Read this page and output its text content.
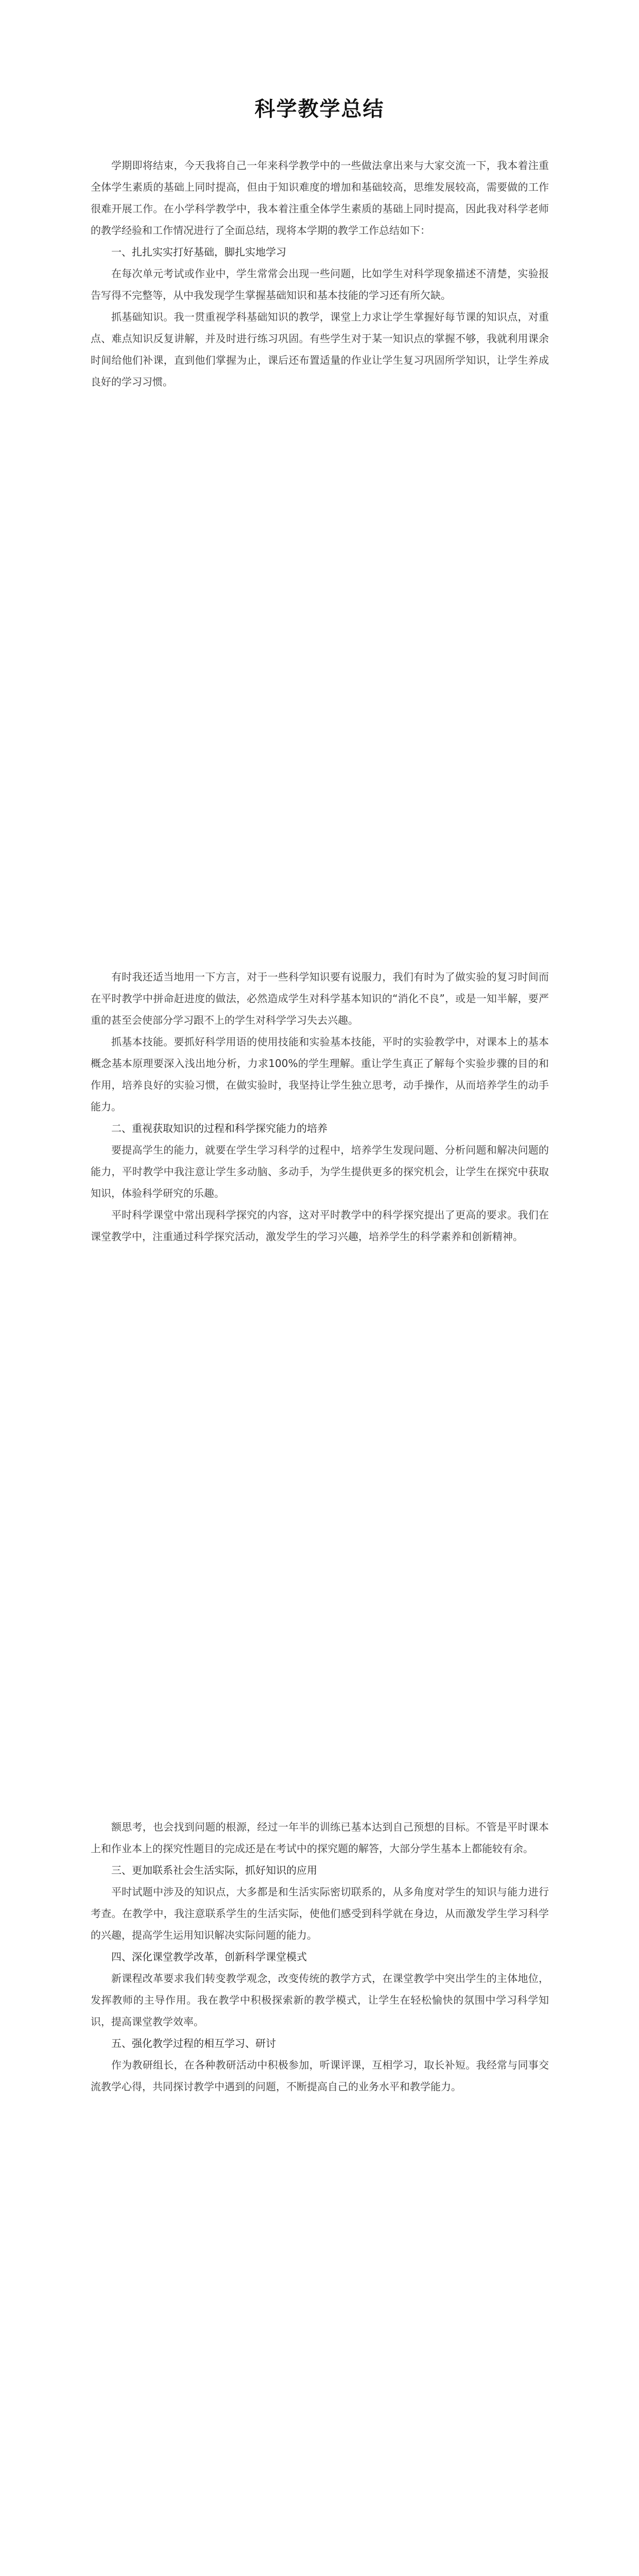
科学教学总结

学期即将结束，今天我将自己一年来科学教学中的一些做法拿出来与大家交流一下，我本着注重全体学生素质的基础上同时提高，但由于知识难度的增加和基础较高，思维发展较高，需要做的工作很难开展工作。在小学科学教学中，我本着注重全体学生素质的基础上同时提高，因此我对科学老师的教学经验和工作情况进行了全面总结，现将本学期的教学工作总结如下：

一、扎扎实实打好基础，脚扎实地学习

在每次单元考试或作业中，学生常常会出现一些问题，比如学生对科学现象描述不清楚，实验报告写得不完整等，从中我发现学生掌握基础知识和基本技能的学习还有所欠缺。

抓基础知识。我一贯重视学科基础知识的教学，课堂上力求让学生掌握好每节课的知识点，对重点、难点知识反复讲解，并及时进行练习巩固。有些学生对于某一知识点的掌握不够，我就利用课余时间给他们补课，直到他们掌握为止，课后还布置适量的作业让学生复习巩固所学知识，让学生养成良好的学习习惯。

有时我还适当地用一下方言，对于一些科学知识要有说服力，我们有时为了做实验的复习时间而在平时教学中拼命赶进度的做法，必然造成学生对科学基本知识的“消化不良”，或是一知半解，要严重的甚至会使部分学习跟不上的学生对科学学习失去兴趣。

抓基本技能。要抓好科学用语的使用技能和实验基本技能，平时的实验教学中，对课本上的基本概念基本原理要深入浅出地分析，力求100%的学生理解。重让学生真正了解每个实验步骤的目的和作用，培养良好的实验习惯，在做实验时，我坚持让学生独立思考，动手操作，从而培养学生的动手能力。

二、重视获取知识的过程和科学探究能力的培养

要提高学生的能力，就要在学生学习科学的过程中，培养学生发现问题、分析问题和解决问题的能力，平时教学中我注意让学生多动脑、多动手，为学生提供更多的探究机会，让学生在探究中获取知识，体验科学研究的乐趣。

平时科学课堂中常出现科学探究的内容，这对平时教学中的科学探究提出了更高的要求。我们在课堂教学中，注重通过科学探究活动，激发学生的学习兴趣，培养学生的科学素养和创新精神。

额思考，也会找到问题的根源，经过一年半的训练已基本达到自己预想的目标。不管是平时课本上和作业本上的探究性题目的完成还是在考试中的探究题的解答，大部分学生基本上都能较有余。

三、更加联系社会生活实际，抓好知识的应用

平时试题中涉及的知识点，大多都是和生活实际密切联系的，从多角度对学生的知识与能力进行考查。在教学中，我注意联系学生的生活实际，使他们感受到科学就在身边，从而激发学生学习科学的兴趣，提高学生运用知识解决实际问题的能力。

四、深化课堂教学改革，创新科学课堂模式

新课程改革要求我们转变教学观念，改变传统的教学方式，在课堂教学中突出学生的主体地位，发挥教师的主导作用。我在教学中积极探索新的教学模式，让学生在轻松愉快的氛围中学习科学知识，提高课堂教学效率。

五、强化教学过程的相互学习、研讨

作为教研组长，在各种教研活动中积极参加，听课评课，互相学习，取长补短。我经常与同事交流教学心得，共同探讨教学中遇到的问题，不断提高自己的业务水平和教学能力。
